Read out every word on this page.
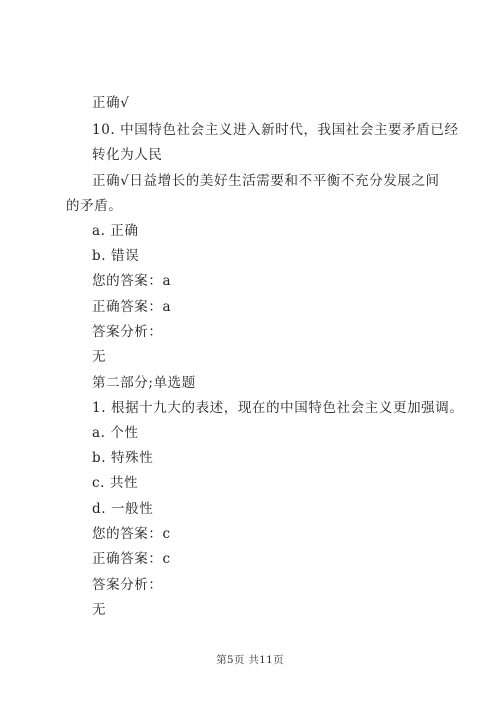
正确√
10. 中国特色社会主义进入新时代，我国社会主要矛盾已经
转化为人民
正确√日益增长的美好生活需要和不平衡不充分发展之间
的矛盾。
a. 正确
b. 错误
您的答案：a
正确答案：a
答案分析：
无
第二部分;单选题
1. 根据十九大的表述，现在的中国特色社会主义更加强调。
a. 个性
b. 特殊性
c. 共性
d. 一般性
您的答案：c
正确答案：c
答案分析：
无
第5页 共11页
